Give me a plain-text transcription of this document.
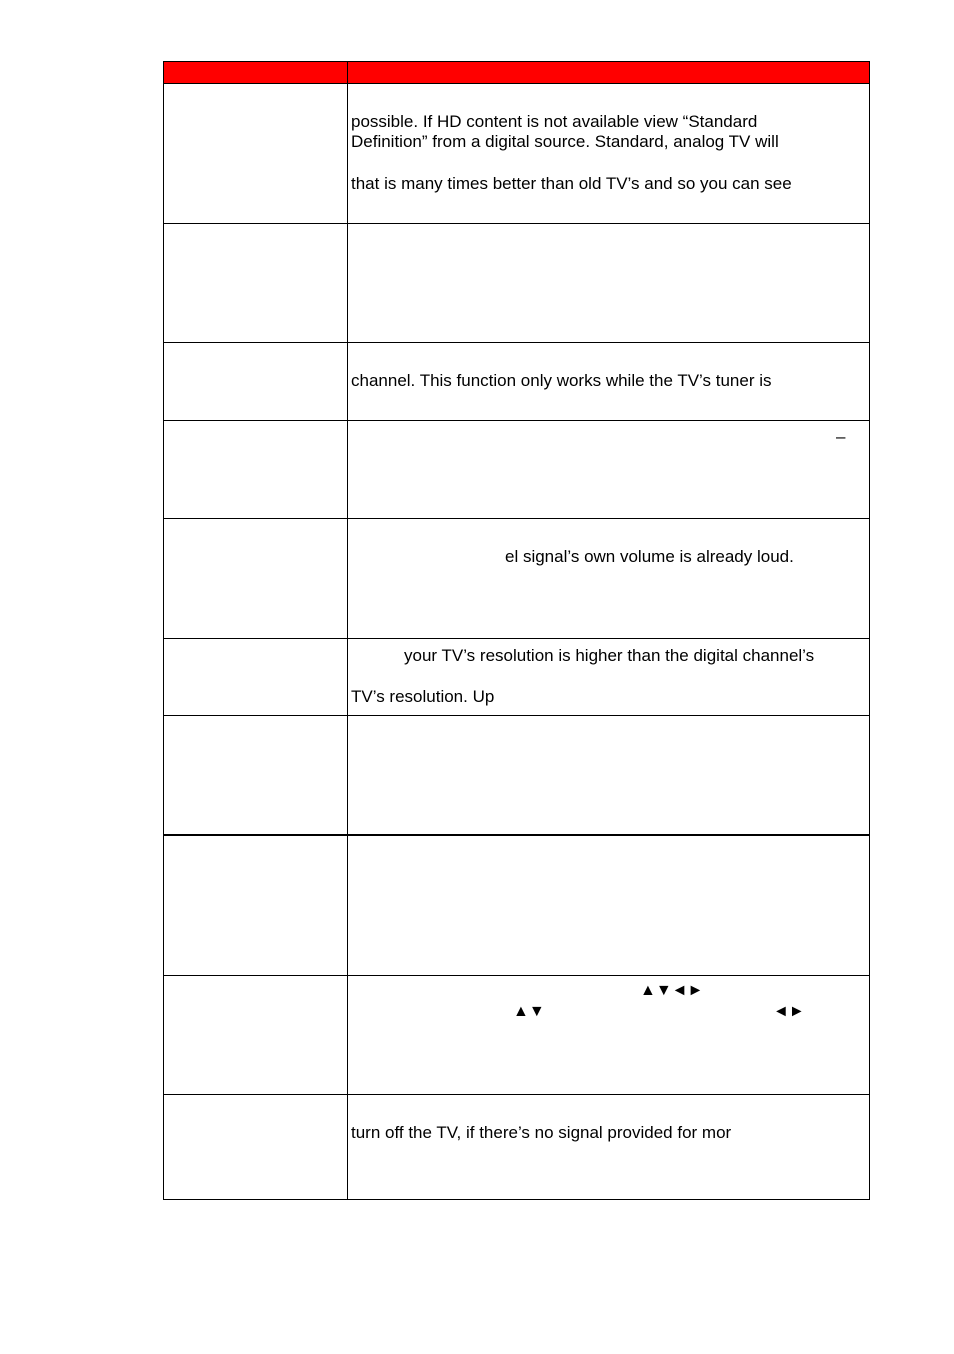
possible. If HD content is not available view “Standard
Definition” from a digital source. Standard, analog TV will
that is many times better than old TV’s and so you can see
channel. This function only works while the TV’s tuner is
–
el signal’s own volume is already loud.
your TV’s resolution is higher than the digital channel’s
TV’s resolution. Up
▲▼◄►
▲▼	◄►
turn off the TV, if there’s no signal provided for mor
